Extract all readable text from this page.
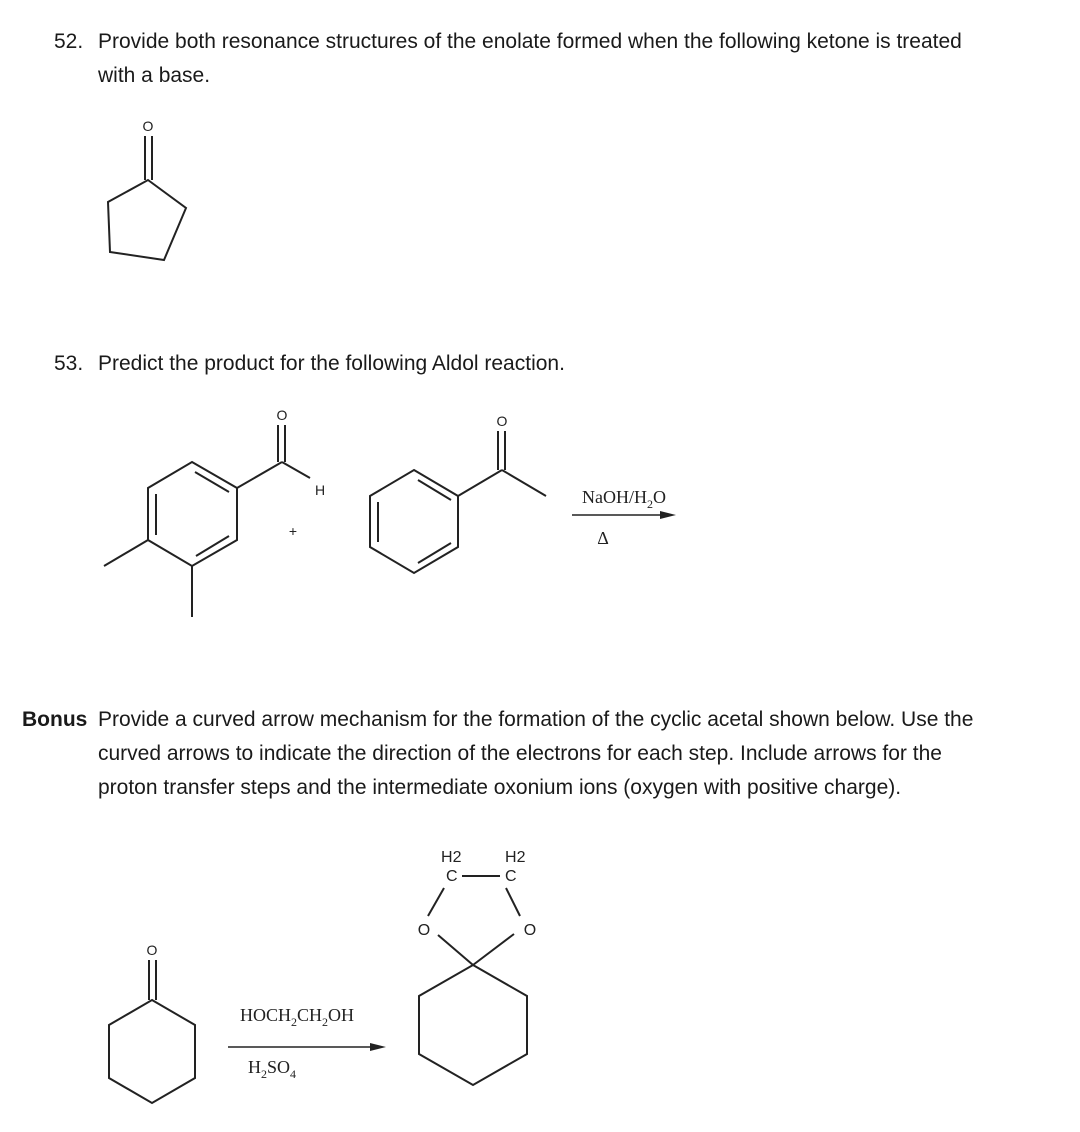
52. Provide both resonance structures of the enolate formed when the following ketone is treated
with a base.
53. Predict the product for the following Aldol reaction.
Bonus Provide a curved arrow mechanism for the formation of the cyclic acetal shown below. Use the
curved arrows to indicate the direction of the electrons for each step. Include arrows for the
proton transfer steps and the intermediate oxonium ions (oxygen with positive charge).
O
O
H
+
O
NaOH/$H_2O$
Δ
O
$HOCH_2CH_2OH$
$H_2SO_4$
O	O
H2
C
H2
C
